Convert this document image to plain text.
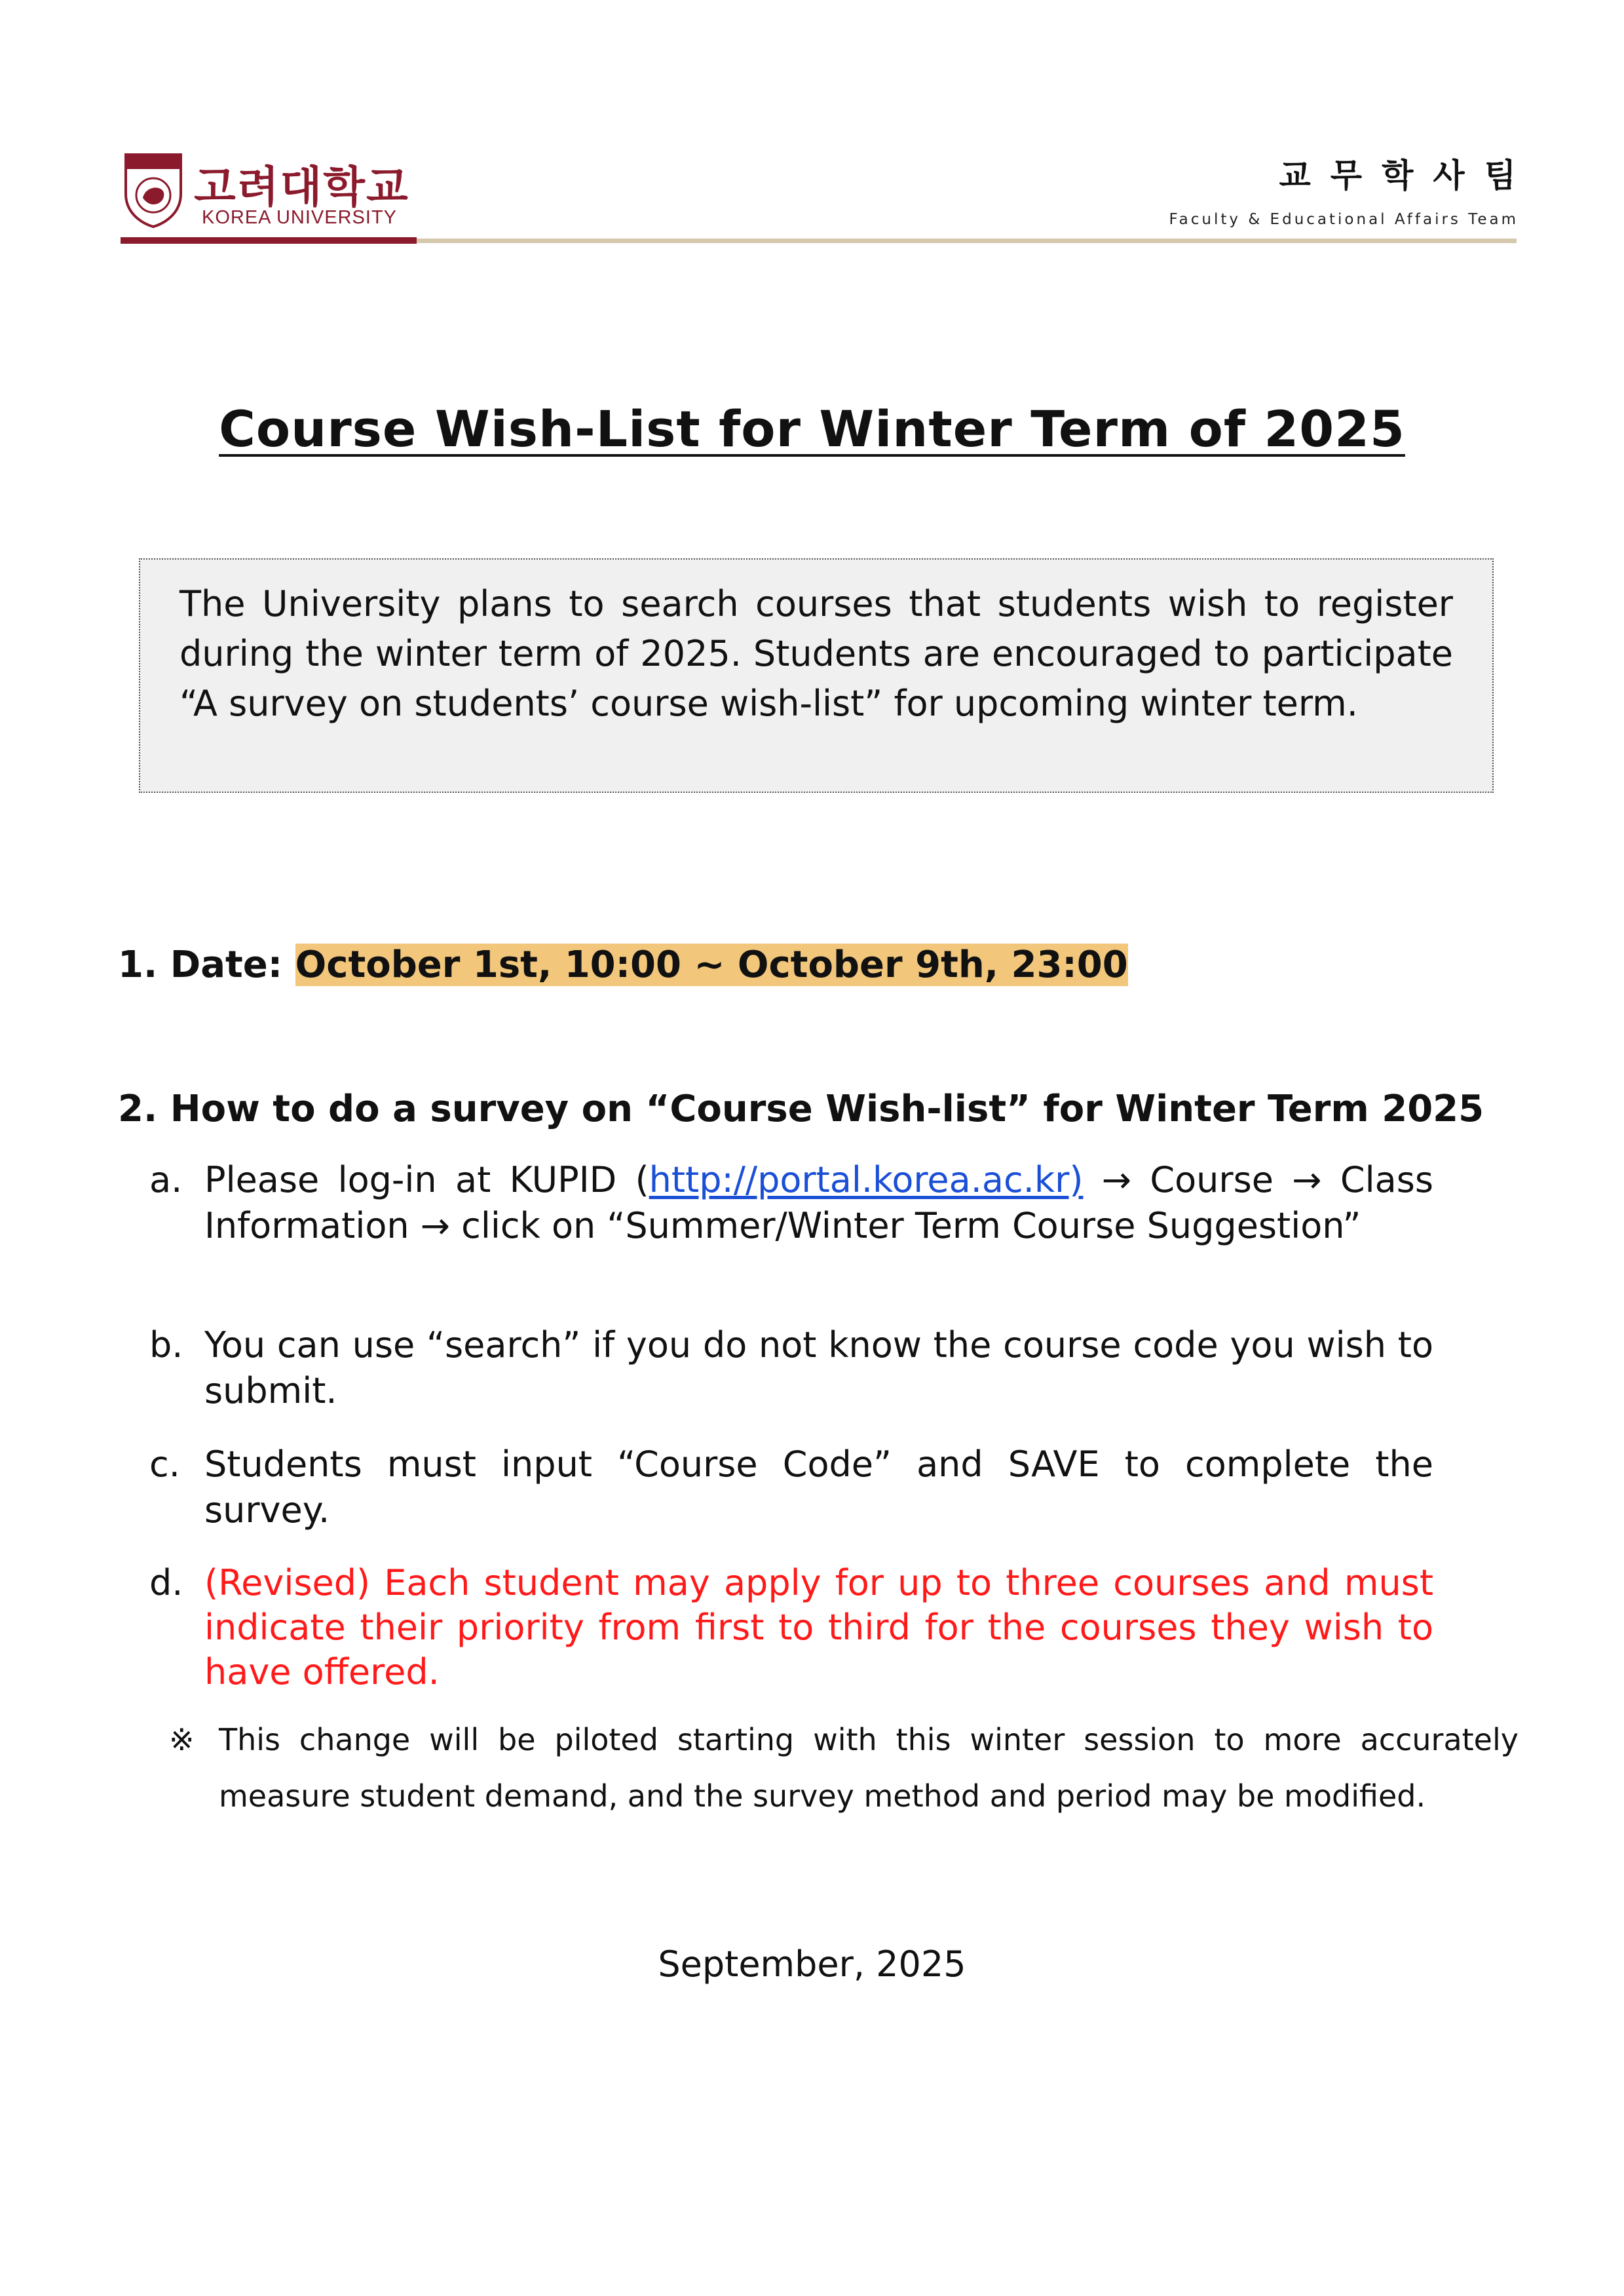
고려대학교
KOREA UNIVERSITY
교무학사팀
Faculty & Educational Affairs Team
Course Wish-List for Winter Term of 2025
The University plans to search courses that students wish to register during the winter term of 2025. Students are encouraged to participate “A survey on students’ course wish-list” for upcoming winter term.
1. Date: October 1st, 10:00 ~ October 9th, 23:00
2. How to do a survey on “Course Wish-list” for Winter Term 2025
a. Please log-in at KUPID (http://portal.korea.ac.kr) → Course → Class Information → click on “Summer/Winter Term Course Suggestion”
b. You can use “search” if you do not know the course code you wish to submit.
c. Students must input “Course Code” and SAVE to complete the survey.
d. (Revised) Each student may apply for up to three courses and must indicate their priority from first to third for the courses they wish to have offered.
※ This change will be piloted starting with this winter session to more accurately measure student demand, and the survey method and period may be modified.
September, 2025
